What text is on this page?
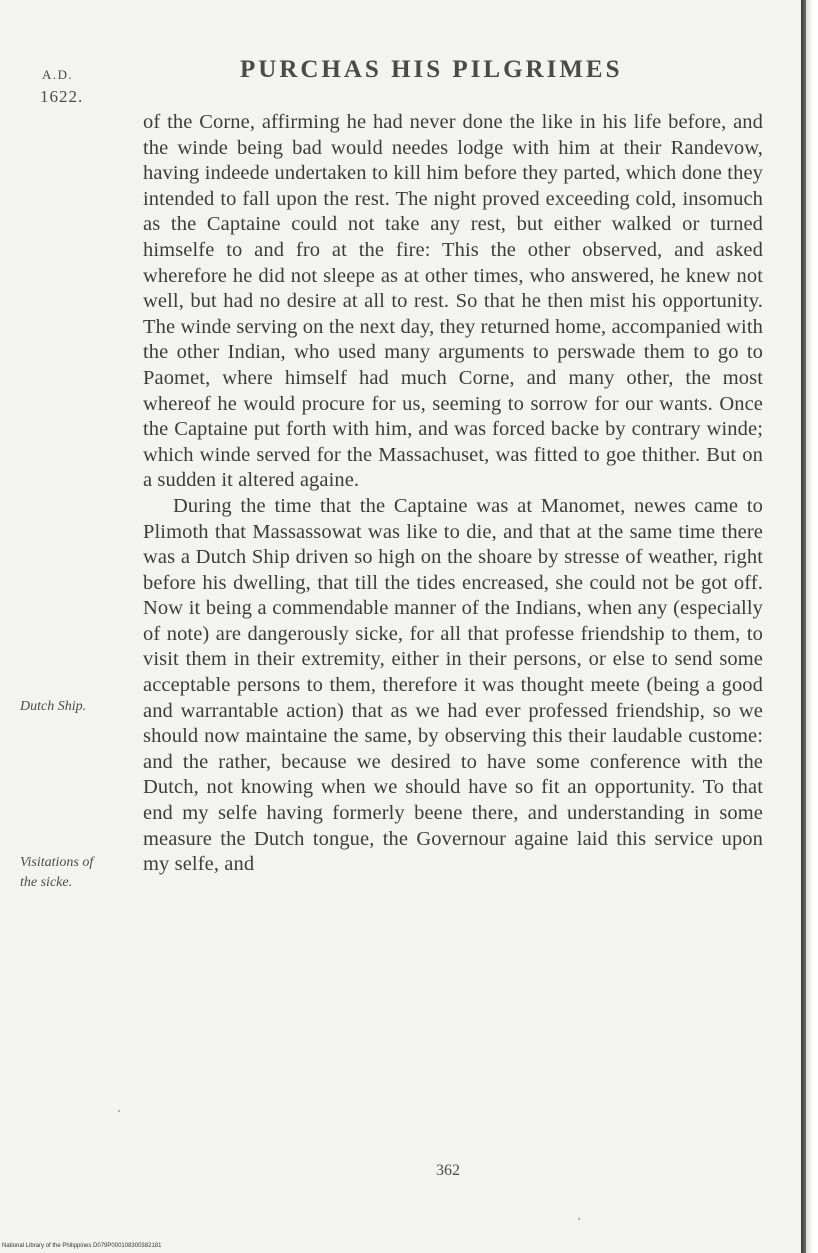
A.D.
1622.
PURCHAS HIS PILGRIMES

of the Corne, affirming he had never done the like in his life before, and the winde being bad would needes lodge with him at their Randevow, having indeede undertaken to kill him before they parted, which done they intended to fall upon the rest. The night proved exceeding cold, insomuch as the Captaine could not take any rest, but either walked or turned himselfe to and fro at the fire: This the other observed, and asked wherefore he did not sleepe as at other times, who answered, he knew not well, but had no desire at all to rest. So that he then mist his opportunity. The winde serving on the next day, they returned home, accompanied with the other Indian, who used many arguments to perswade them to go to Paomet, where himself had much Corne, and many other, the most whereof he would procure for us, seeming to sorrow for our wants. Once the Captaine put forth with him, and was forced backe by contrary winde; which winde served for the Massachuset, was fitted to goe thither. But on a sudden it altered againe.

During the time that the Captaine was at Manomet, newes came to Plimoth that Massassowat was like to die, and that at the same time there was a Dutch Ship driven so high on the shoare by stresse of weather, right before his dwelling, that till the tides encreased, she could not be got off. Now it being a commendable manner of the Indians, when any (especially of note) are dangerously sicke, for all that professe friendship to them, to visit them in their extremity, either in their persons, or else to send some acceptable persons to them, therefore it was thought meete (being a good and warrantable action) that as we had ever professed friendship, so we should now maintaine the same, by observing this their laudable custome: and the rather, because we desired to have some conference with the Dutch, not knowing when we should have so fit an opportunity. To that end my selfe having formerly beene there, and understanding in some measure the Dutch tongue, the Governour againe laid this service upon my selfe, and

Dutch Ship.
Visitations of
the sicke.
362
National Library of the Philippines D079P000108300382181
